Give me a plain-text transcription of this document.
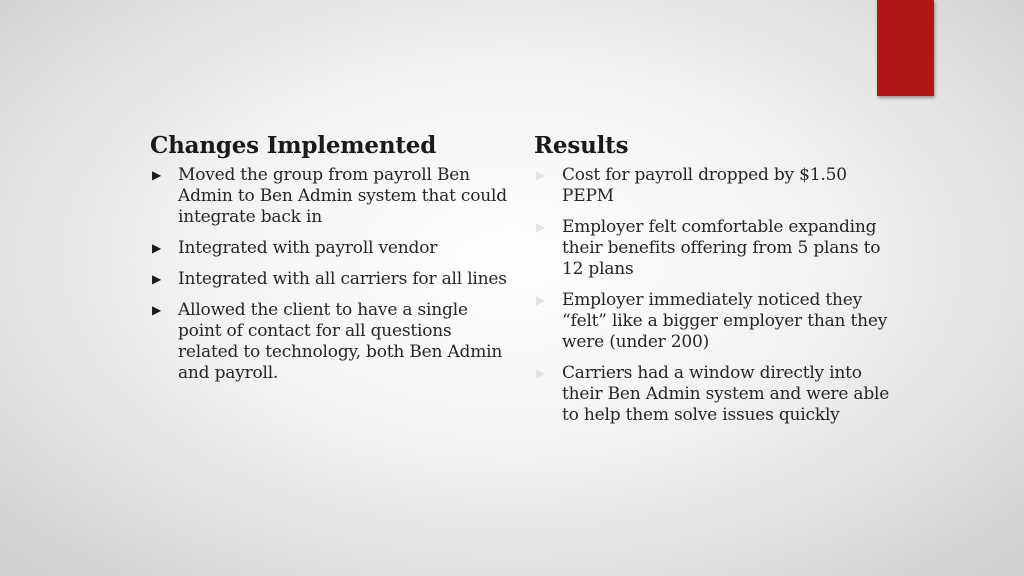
Changes Implemented
▶ Moved the group from payroll Ben Admin to Ben Admin system that could integrate back in
▶ Integrated with payroll vendor
▶ Integrated with all carriers for all lines
▶ Allowed the client to have a single point of contact for all questions related to technology, both Ben Admin and payroll.
Results
▶ Cost for payroll dropped by $1.50 PEPM
▶ Employer felt comfortable expanding their benefits offering from 5 plans to 12 plans
▶ Employer immediately noticed they “felt” like a bigger employer than they were (under 200)
▶ Carriers had a window directly into their Ben Admin system and were able to help them solve issues quickly
